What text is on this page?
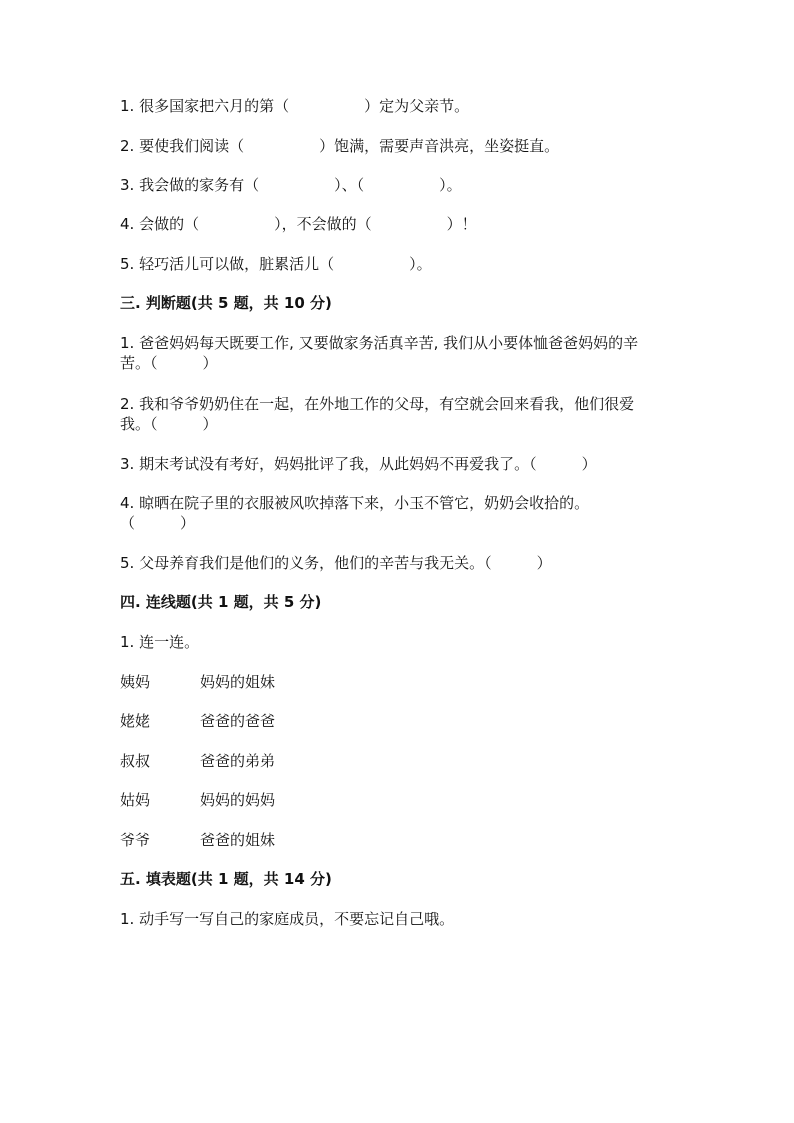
1. 很多国家把六月的第（　　　　　）定为父亲节。
2. 要使我们阅读（　　　　　）饱满，需要声音洪亮，坐姿挺直。
3. 我会做的家务有（　　　　　）、（　　　　　）。
4. 会做的（　　　　　），不会做的（　　　　　）！
5. 轻巧活儿可以做，脏累活儿（　　　　　）。
三. 判断题(共 5 题，共 10 分)
1. 爸爸妈妈每天既要工作, 又要做家务活真辛苦, 我们从小要体恤爸爸妈妈的辛
苦。（　　　）
2. 我和爷爷奶奶住在一起，在外地工作的父母，有空就会回来看我，他们很爱
我。（　　　）
3. 期末考试没有考好，妈妈批评了我，从此妈妈不再爱我了。（　　　）
4. 晾晒在院子里的衣服被风吹掉落下来，小玉不管它，奶奶会收拾的。
（　　　）
5. 父母养育我们是他们的义务，他们的辛苦与我无关。（　　　）
四. 连线题(共 1 题，共 5 分)
1. 连一连。
姨妈	妈妈的姐妹
姥姥	爸爸的爸爸
叔叔	爸爸的弟弟
姑妈	妈妈的妈妈
爷爷	爸爸的姐妹
五. 填表题(共 1 题，共 14 分)
1. 动手写一写自己的家庭成员，不要忘记自己哦。
